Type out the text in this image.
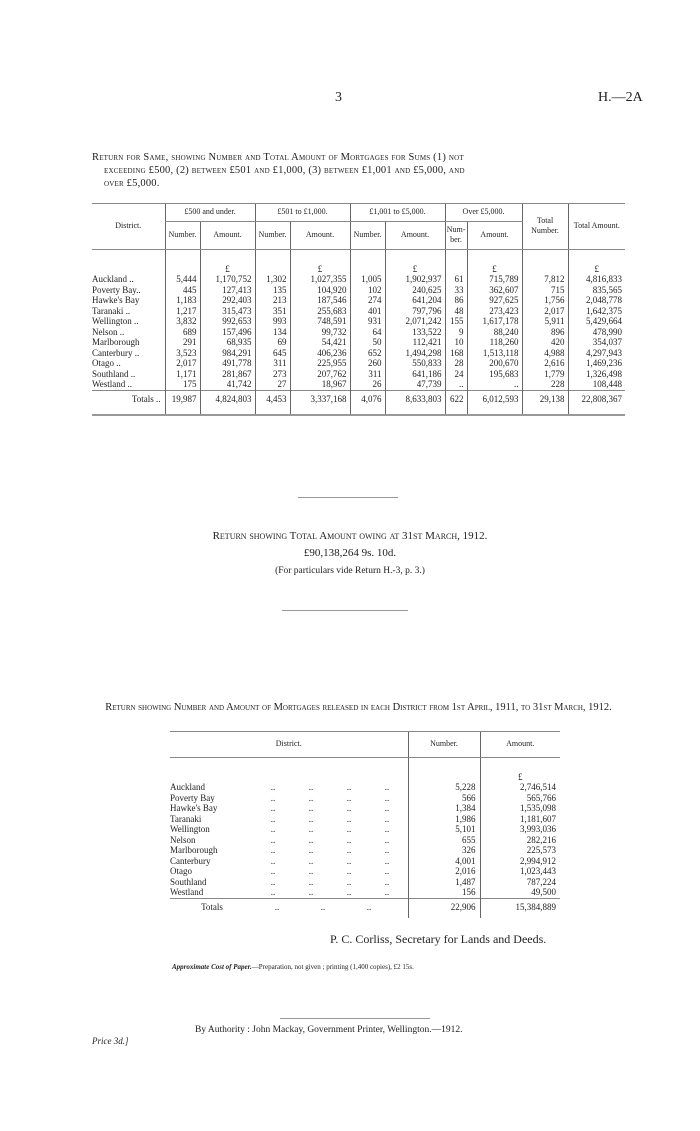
3	H.—2A
Return for Same, showing Number and Total Amount of Mortgages for Sums (1) not
exceeding £500, (2) between £501 and £1,000, (3) between £1,001 and £5,000, and
over £5,000.
District.	£500 and under.		£501 to £1,000.		£1,001 to £5,000.		Over £5,000.		Total Number.	Total Amount.
	Number.	Amount.	Number.	Amount.	Number.	Amount.	Num-ber.	Amount.		
		£		£		£		£		£
Auckland ..	5,444	1,170,752	1,302	1,027,355	1,005	1,902,937	61	715,789	7,812	4,816,833
Poverty Bay..	445	127,413	135	104,920	102	240,625	33	362,607	715	835,565
Hawke's Bay	1,183	292,403	213	187,546	274	641,204	86	927,625	1,756	2,048,778
Taranaki ..	1,217	315,473	351	255,683	401	797,796	48	273,423	2,017	1,642,375
Wellington ..	3,832	992,653	993	748,591	931	2,071,242	155	1,617,178	5,911	5,429,664
Nelson ..	689	157,496	134	99,732	64	133,522	9	88,240	896	478,990
Marlborough	291	68,935	69	54,421	50	112,421	10	118,260	420	354,037
Canterbury ..	3,523	984,291	645	406,236	652	1,494,298	168	1,513,118	4,988	4,297,943
Otago ..	2,017	491,778	311	225,955	260	550,833	28	200,670	2,616	1,469,236
Southland ..	1,171	281,867	273	207,762	311	641,186	24	195,683	1,779	1,326,498
Westland ..	175	41,742	27	18,967	26	47,739	..	..	228	108,448
Totals ..	19,987	4,824,803	4,453	3,337,168	4,076	8,633,803	622	6,012,593	29,138	22,808,367
Return showing Total Amount owing at 31st March, 1912.
£90,138,264 9s. 10d.
(For particulars vide Return H.-3, p. 3.)
Return showing Number and Amount of Mortgages released in each District from 1st April, 1911, to 31st March, 1912.
District.	Number.	Amount.
		£
Auckland .. .. .. ..	5,228	2,746,514
Poverty Bay .. .. .. ..	566	565,766
Hawke's Bay .. .. .. ..	1,384	1,535,098
Taranaki .. .. .. ..	1,986	1,181,607
Wellington .. .. .. ..	5,101	3,993,036
Nelson .. .. .. ..	655	282,216
Marlborough .. .. .. ..	326	225,573
Canterbury .. .. .. ..	4,001	2,994,912
Otago .. .. .. ..	2,016	1,023,443
Southland .. .. .. ..	1,487	787,224
Westland .. .. .. ..	156	49,500
Totals .. .. ..	22,906	15,384,889
P. C. Corliss, Secretary for Lands and Deeds.
Approximate Cost of Paper.—Preparation, not given ; printing (1,400 copies), £2 15s.
By Authority : John Mackay, Government Printer, Wellington.—1912.
Price 3d.]
